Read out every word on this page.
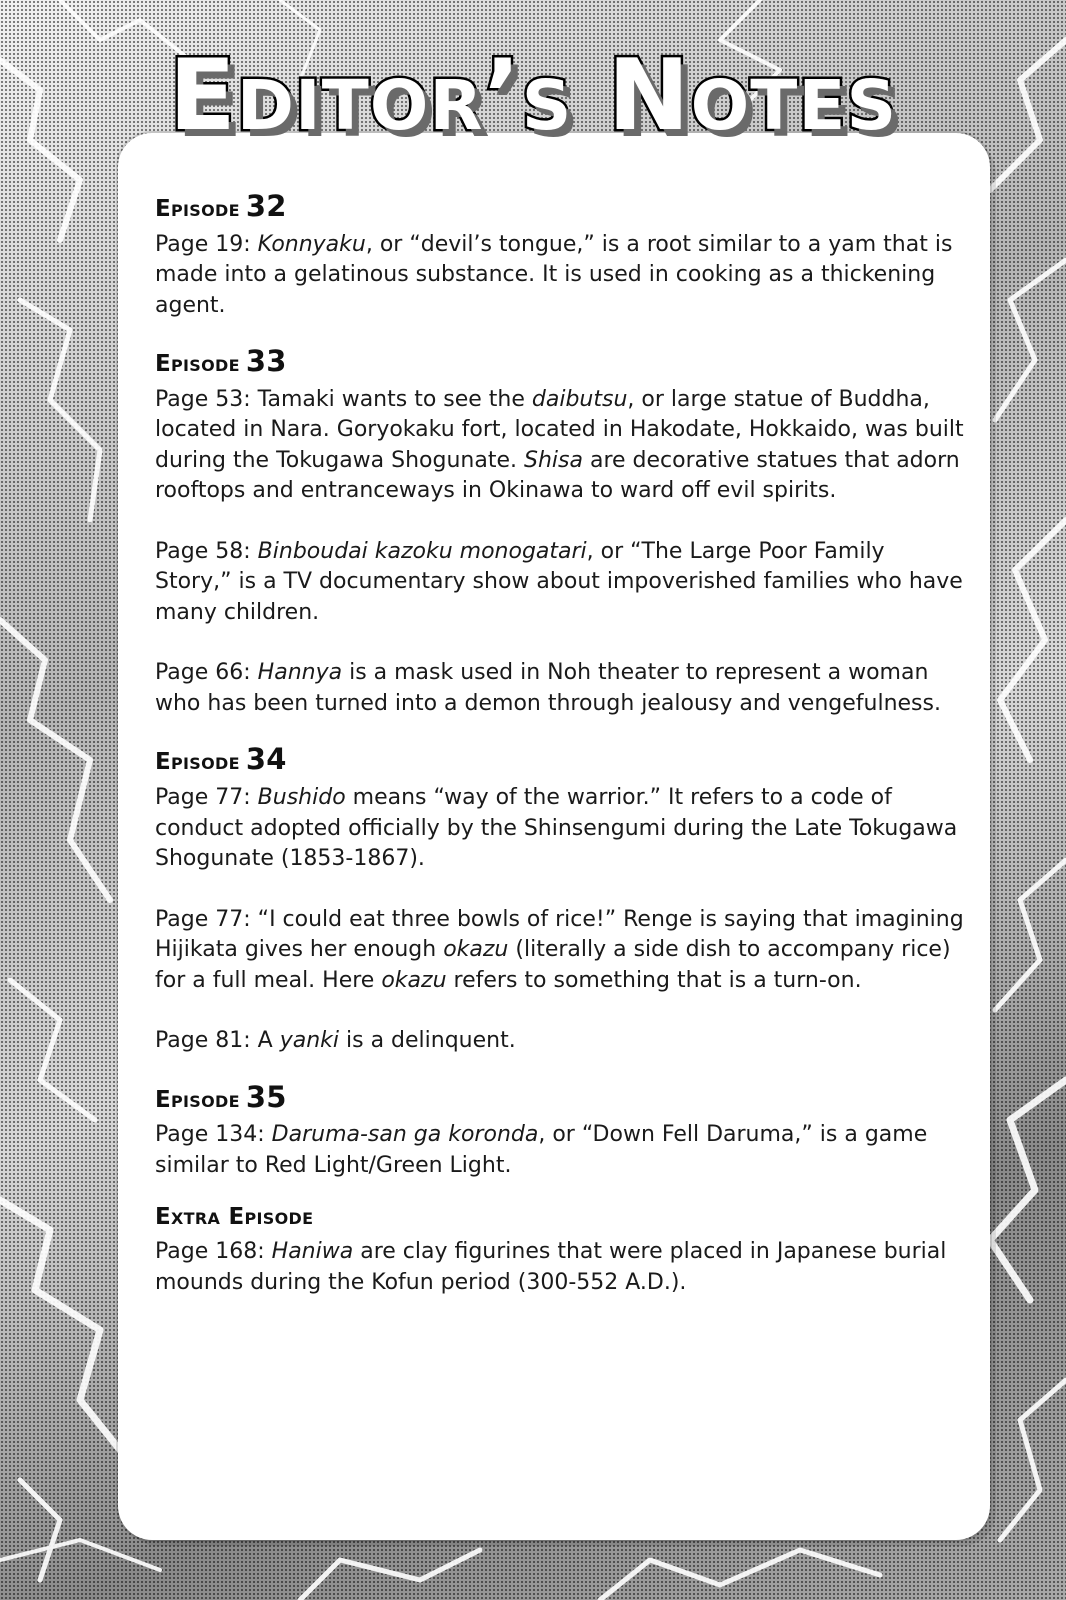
Editor’s Notes
Episode 32

Page 19: Konnyaku, or “devil’s tongue,” is a root similar to a yam that is made into a gelatinous substance. It is used in cooking as a thickening agent.

Episode 33

Page 53: Tamaki wants to see the daibutsu, or large statue of Buddha, located in Nara. Goryokaku fort, located in Hakodate, Hokkaido, was built during the Tokugawa Shogunate. Shisa are decorative statues that adorn rooftops and entranceways in Okinawa to ward off evil spirits.

Page 58: Binboudai kazoku monogatari, or “The Large Poor Family Story,” is a TV documentary show about impoverished families who have many children.

Page 66: Hannya is a mask used in Noh theater to represent a woman who has been turned into a demon through jealousy and vengefulness.

Episode 34

Page 77: Bushido means “way of the warrior.” It refers to a code of conduct adopted officially by the Shinsengumi during the Late Tokugawa Shogunate (1853-1867).

Page 77: “I could eat three bowls of rice!” Renge is saying that imagining Hijikata gives her enough okazu (literally a side dish to accompany rice) for a full meal. Here okazu refers to something that is a turn-on.

Page 81: A yanki is a delinquent.

Episode 35

Page 134: Daruma-san ga koronda, or “Down Fell Daruma,” is a game similar to Red Light/Green Light.

Extra Episode

Page 168: Haniwa are clay figurines that were placed in Japanese burial mounds during the Kofun period (300-552 A.D.).
